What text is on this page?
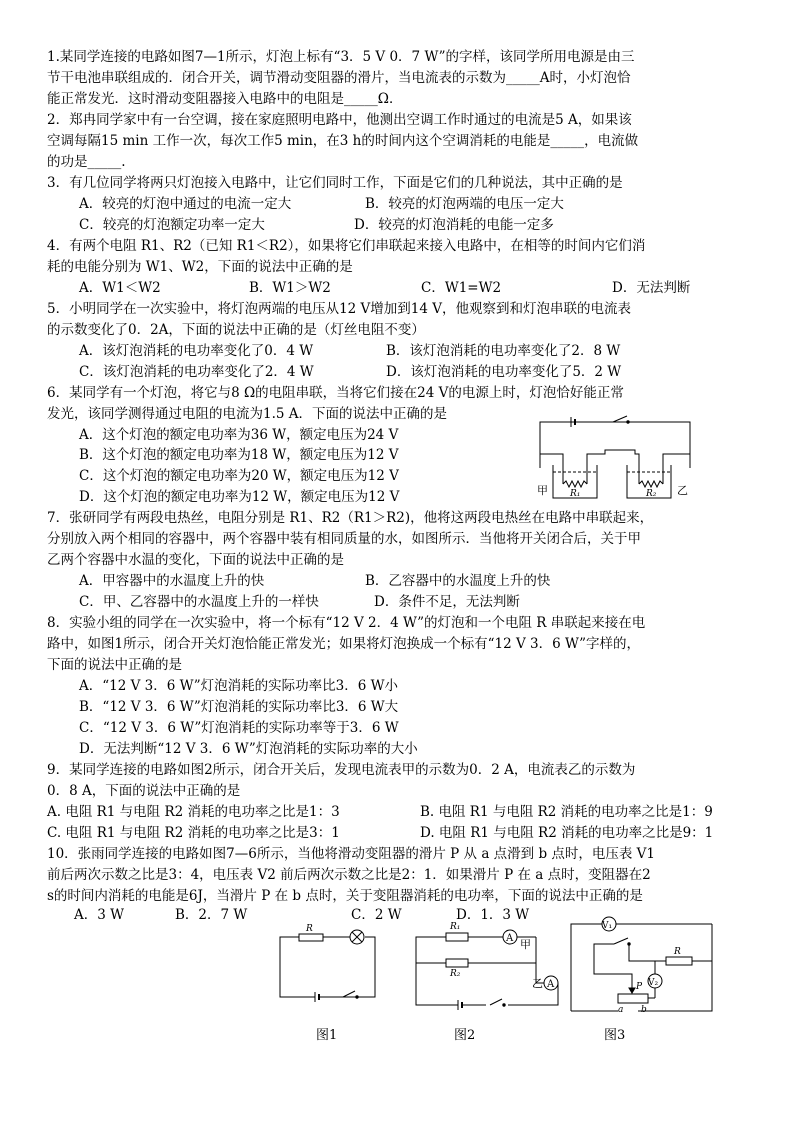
1.某同学连接的电路如图7—1所示，灯泡上标有“3．5 V 0．7 W”的字样，该同学所用电源是由三
节干电池串联组成的．闭合开关，调节滑动变阻器的滑片，当电流表的示数为_____A时，小灯泡恰
能正常发光．这时滑动变阻器接入电路中的电阻是_____Ω．
2．郑冉同学家中有一台空调，接在家庭照明电路中，他测出空调工作时通过的电流是5 A，如果该
空调每隔15 min 工作一次，每次工作5 min，在3 h的时间内这个空调消耗的电能是_____，电流做
的功是_____.
3．有几位同学将两只灯泡接入电路中，让它们同时工作，下面是它们的几种说法，其中正确的是
A．较亮的灯泡中通过的电流一定大	B．较亮的灯泡两端的电压一定大
C．较亮的灯泡额定功率一定大	D．较亮的灯泡消耗的电能一定多
4．有两个电阻 R1、R2（已知 R1＜R2），如果将它们串联起来接入电路中，在相等的时间内它们消
耗的电能分别为 W1、W2，下面的说法中正确的是
A．W1＜W2	B．W1＞W2	C．W1=W2	D．无法判断
5．小明同学在一次实验中，将灯泡两端的电压从12 V增加到14 V，他观察到和灯泡串联的电流表
的示数变化了0．2A，下面的说法中正确的是（灯丝电阻不变）
A．该灯泡消耗的电功率变化了0．4 W	B．该灯泡消耗的电功率变化了2．8 W
C．该灯泡消耗的电功率变化了2．4 W	D．该灯泡消耗的电功率变化了5．2 W
6．某同学有一个灯泡，将它与8 Ω的电阻串联，当将它们接在24 V的电源上时，灯泡恰好能正常
发光，该同学测得通过电阻的电流为1.5 A．下面的说法中正确的是
A．这个灯泡的额定电功率为36 W，额定电压为24 V
B．这个灯泡的额定电功率为18 W，额定电压为12 V
C．这个灯泡的额定电功率为20 W，额定电压为12 V
D．这个灯泡的额定电功率为12 W，额定电压为12 V	甲	乙
R₁	R₂
7．张研同学有两段电热丝，电阻分别是 R1、R2（R1＞R2)，他将这两段电热丝在电路中串联起来，
分别放入两个相同的容器中，两个容器中装有相同质量的水，如图所示．当他将开关闭合后，关于甲
乙两个容器中水温的变化，下面的说法中正确的是
A．甲容器中的水温度上升的快	B．乙容器中的水温度上升的快
C．甲、乙容器中的水温度上升的一样快	D．条件不足，无法判断
8．实验小组的同学在一次实验中，将一个标有“12 V 2．4 W”的灯泡和一个电阻 R 串联起来接在电
路中，如图1所示，闭合开关灯泡恰能正常发光；如果将灯泡换成一个标有“12 V 3．6 W”字样的，
下面的说法中正确的是
A．“12 V 3．6 W”灯泡消耗的实际功率比3．6 W小
B．“12 V 3．6 W”灯泡消耗的实际功率比3．6 W大
C．“12 V 3．6 W”灯泡消耗的实际功率等于3．6 W
D．无法判断“12 V 3．6 W”灯泡消耗的实际功率的大小
9．某同学连接的电路如图2所示，闭合开关后，发现电流表甲的示数为0．2 A，电流表乙的示数为
0．8 A，下面的说法中正确的是
A. 电阻 R1 与电阻 R2 消耗的电功率之比是1：3	B. 电阻 R1 与电阻 R2 消耗的电功率之比是1：9
C. 电阻 R1 与电阻 R2 消耗的电功率之比是3：1	D. 电阻 R1 与电阻 R2 消耗的电功率之比是9：1
10．张雨同学连接的电路如图7—6所示，当他将滑动变阻器的滑片 P 从 a 点滑到 b 点时，电压表 V1
前后两次示数之比是3：4，电压表 V2 前后两次示数之比是2：1．如果滑片 P 在 a 点时，变阻器在2
s的时间内消耗的电能是6J，当滑片 P 在 b 点时，关于变阻器消耗的电功率，下面的说法中正确的是
A．3 W	B．2．7 W	C．2 W	D．1．3 W
R	R₁
R₂
A 甲
A
乙
V₁
V₂
R
P
a b
图1	图2	图3
